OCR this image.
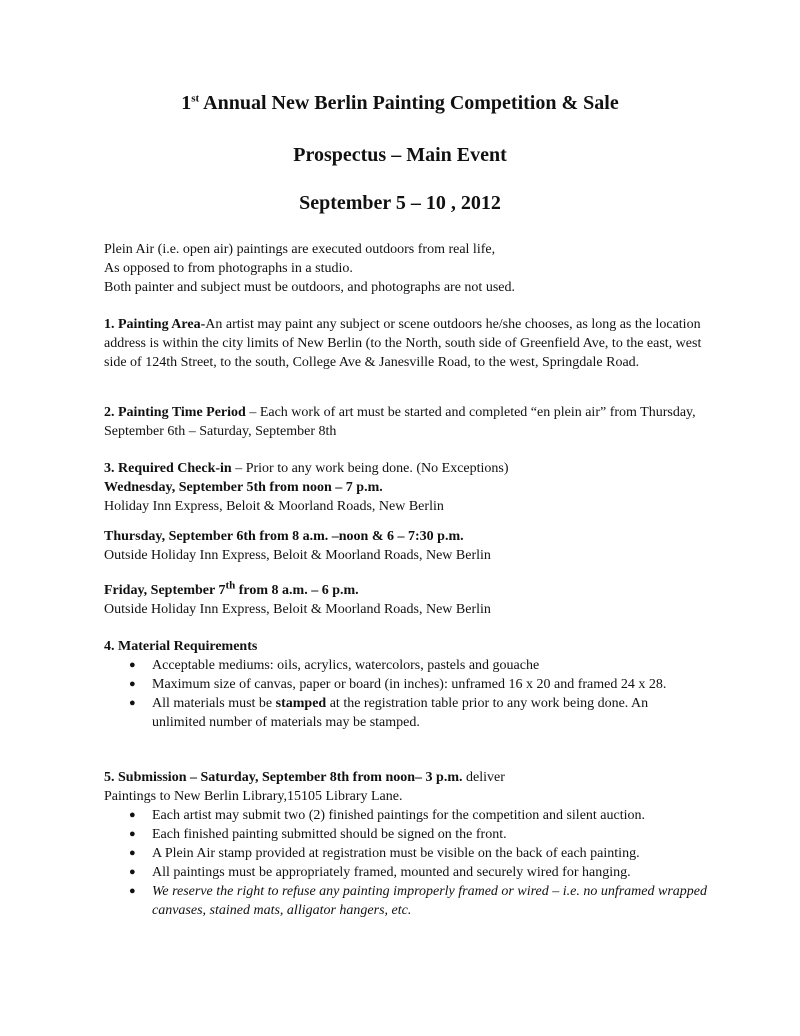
1st Annual New Berlin Painting Competition & Sale
Prospectus – Main Event
September 5 – 10 , 2012
Plein Air (i.e. open air) paintings are executed outdoors from real life,
As opposed to from photographs in a studio.
Both painter and subject must be outdoors, and photographs are not used.
1. Painting Area-An artist may paint any subject or scene outdoors he/she chooses, as long as the location address is within the city limits of New Berlin (to the North, south side of Greenfield Ave, to the east, west side of 124th Street, to the south, College Ave & Janesville Road, to the west, Springdale Road.
2. Painting Time Period – Each work of art must be started and completed “en plein air” from Thursday, September 6th – Saturday, September 8th
3. Required Check-in – Prior to any work being done. (No Exceptions)
Wednesday, September 5th from noon – 7 p.m.
Holiday Inn Express, Beloit & Moorland Roads, New Berlin
Thursday, September 6th from 8 a.m. –noon & 6 – 7:30 p.m.
Outside Holiday Inn Express, Beloit & Moorland Roads, New Berlin
Friday, September 7th from 8 a.m. – 6 p.m.
Outside Holiday Inn Express, Beloit & Moorland Roads, New Berlin
4. Material Requirements
● Acceptable mediums: oils, acrylics, watercolors, pastels and gouache
● Maximum size of canvas, paper or board (in inches): unframed 16 x 20 and framed 24 x 28.
● All materials must be stamped at the registration table prior to any work being done. An unlimited number of materials may be stamped.
5. Submission – Saturday, September 8th from noon– 3 p.m. deliver
Paintings to New Berlin Library,15105 Library Lane.
● Each artist may submit two (2) finished paintings for the competition and silent auction.
● Each finished painting submitted should be signed on the front.
● A Plein Air stamp provided at registration must be visible on the back of each painting.
● All paintings must be appropriately framed, mounted and securely wired for hanging.
● We reserve the right to refuse any painting improperly framed or wired – i.e. no unframed wrapped canvases, stained mats, alligator hangers, etc.
